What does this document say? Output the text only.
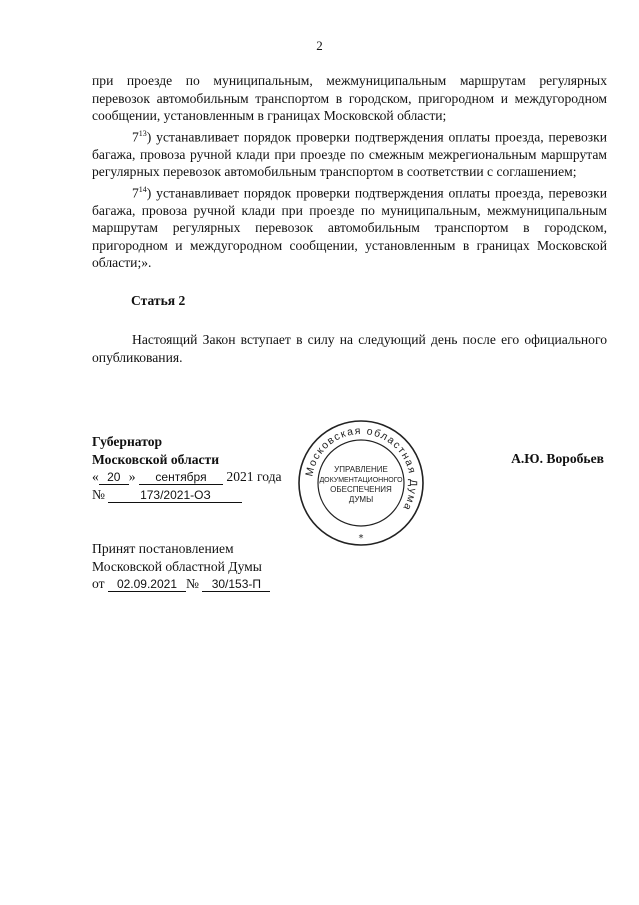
2

при проезде по муниципальным, межмуниципальным маршрутам регулярных перевозок автомобильным транспортом в городском, пригородном и междугородном сообщении, установленным в границах Московской области;

$7^{13}$) устанавливает порядок проверки подтверждения оплаты проезда, перевозки багажа, провоза ручной клади при проезде по смежным межрегиональным маршрутам регулярных перевозок автомобильным транспортом в соответствии с соглашением;

$7^{14}$) устанавливает порядок проверки подтверждения оплаты проезда, перевозки багажа, провоза ручной клади при проезде по муниципальным, межмуниципальным маршрутам регулярных перевозок автомобильным транспортом в городском, пригородном и междугородном сообщении, установленным в границах Московской области;».

Статья 2
Настоящий Закон вступает в силу на следующий день после его официального опубликования.
Губернатор
Московской области	А.Ю. Воробьев
« 20 » сентября 2021 года
№	173/2021-ОЗ
Московская областная Дума
УПРАВЛЕНИЕ
ДОКУМЕНТАЦИОННОГО
ОБЕСПЕЧЕНИЯ
ДУМЫ
*
Принят постановлением
Московской областной Думы
от 02.09.2021 № 30/153-П
